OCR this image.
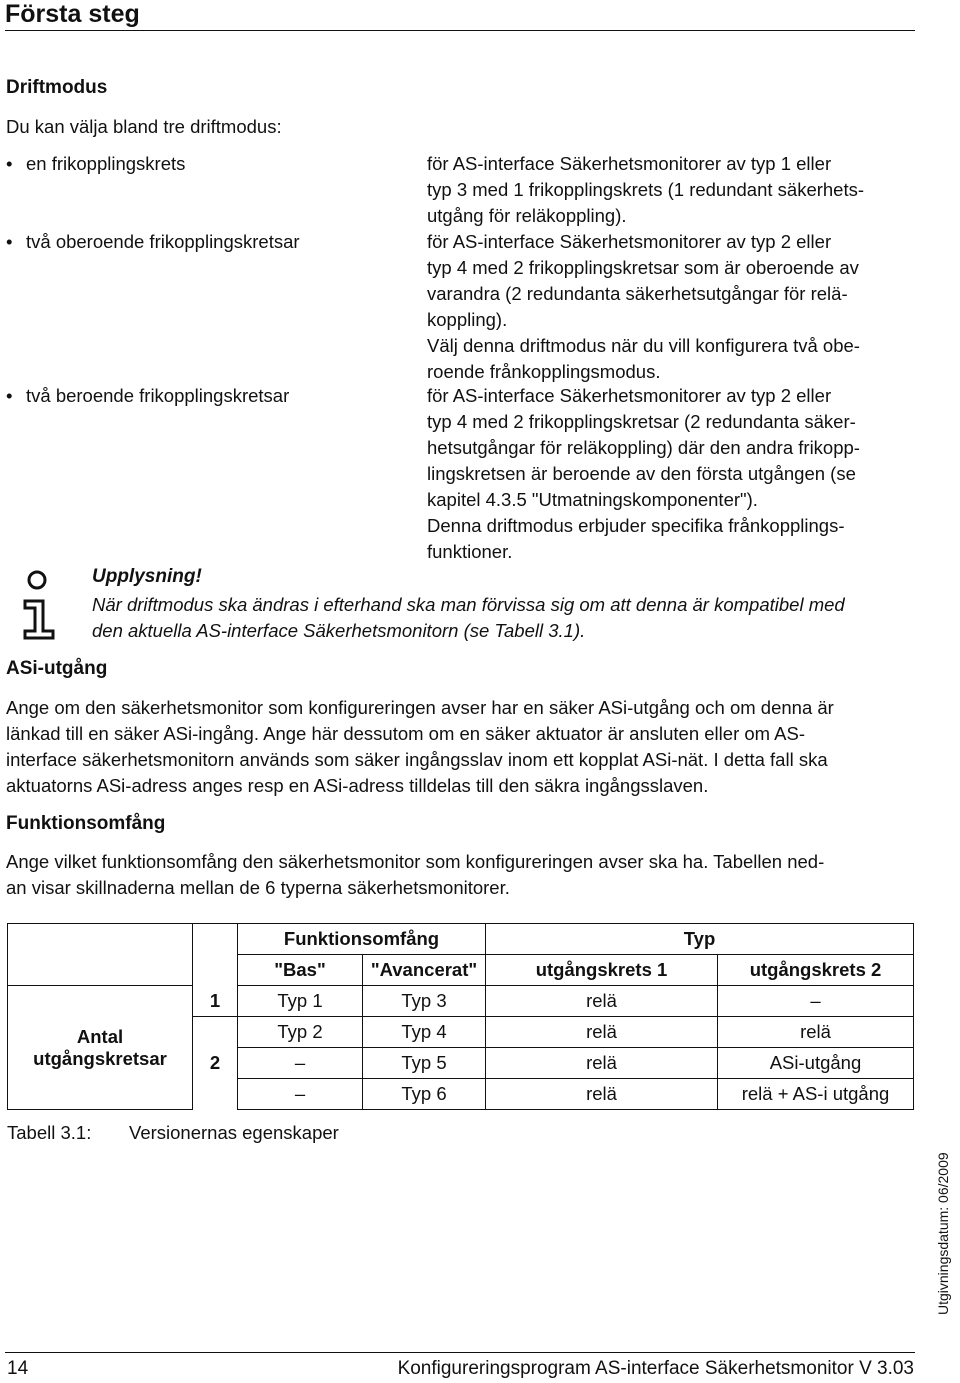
Första steg
Driftmodus
Du kan välja bland tre driftmodus:
• en frikopplingskrets	för AS-interface Säkerhetsmonitorer av typ 1 eller
typ 3 med 1 frikopplingskrets (1 redundant säkerhets-
utgång för reläkoppling).
• två oberoende frikopplingskretsar	för AS-interface Säkerhetsmonitorer av typ 2 eller
typ 4 med 2 frikopplingskretsar som är oberoende av
varandra (2 redundanta säkerhetsutgångar för relä-
koppling).
Välj denna driftmodus när du vill konfigurera två obe-
roende frånkopplingsmodus.
• två beroende frikopplingskretsar	för AS-interface Säkerhetsmonitorer av typ 2 eller
typ 4 med 2 frikopplingskretsar (2 redundanta säker-
hetsutgångar för reläkoppling) där den andra frikopp-
lingskretsen är beroende av den första utgången (se
kapitel 4.3.5 "Utmatningskomponenter").
Denna driftmodus erbjuder specifika frånkopplings-
funktioner.
Upplysning!
När driftmodus ska ändras i efterhand ska man förvissa sig om att denna är kompatibel med
den aktuella AS-interface Säkerhetsmonitorn (se Tabell 3.1).
ASi-utgång
Ange om den säkerhetsmonitor som konfigureringen avser har en säker ASi-utgång och om denna är
länkad till en säker ASi-ingång. Ange här dessutom om en säker aktuator är ansluten eller om AS-
interface säkerhetsmonitorn används som säker ingångsslav inom ett kopplat ASi-nät. I detta fall ska
aktuatorns ASi-adress anges resp en ASi-adress tilldelas till den säkra ingångsslaven.
Funktionsomfång
Ange vilket funktionsomfång den säkerhetsmonitor som konfigureringen avser ska ha. Tabellen ned-
an visar skillnaderna mellan de 6 typerna säkerhetsmonitorer.
		Funktionsomfång		Typ	
		"Bas"	"Avancerat"	utgångskrets 1	utgångskrets 2

Antal
utgångskretsar	1	Typ 1	Typ 3	relä	–
	2	Typ 2	Typ 4	relä	relä
		–	Typ 5	relä	ASi-utgång
		–	Typ 6	relä	relä + AS-i utgång
Tabell 3.1: Versionernas egenskaper
Utgivningsdatum: 06/2009
14	Konfigureringsprogram AS-interface Säkerhetsmonitor V 3.03
